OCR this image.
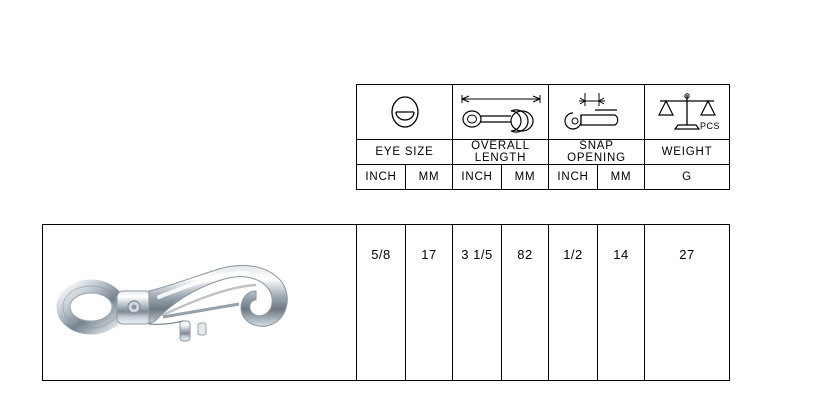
PCS

EYE SIZE		OVERALL LENGTH		SNAP OPENING		WEIGHT
INCH	MM	INCH	MM	INCH	MM	G

5/8	17	3 1/5	82	1/2	14	27
